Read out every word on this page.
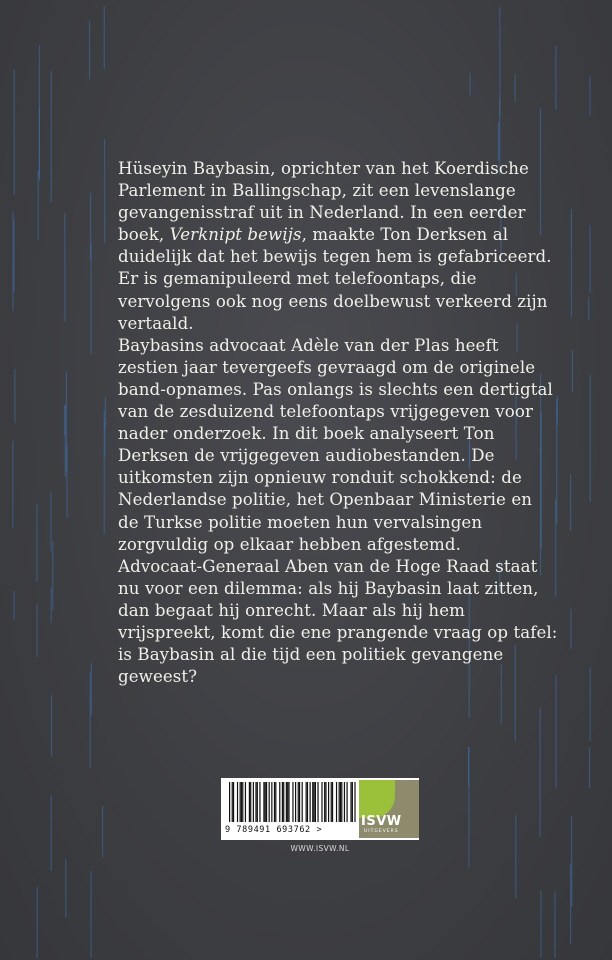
Hüseyin Baybasin, oprichter van het Koerdische Parlement in Ballingschap, zit een levenslange gevangenisstraf uit in Nederland. In een eerder boek, Verknipt bewijs, maakte Ton Derksen al duidelijk dat het bewijs tegen hem is gefabriceerd. Er is gemanipuleerd met telefoontaps, die vervolgens ook nog eens doelbewust verkeerd zijn vertaald.

Baybasins advocaat Adèle van der Plas heeft zestien jaar tevergeefs gevraagd om de originele band-opnames. Pas onlangs is slechts een dertigtal van de zesduizend telefoontaps vrijgegeven voor nader onderzoek. In dit boek analyseert Ton Derksen de vrijgegeven audiobestanden. De uitkomsten zijn opnieuw ronduit schokkend: de Nederlandse politie, het Openbaar Ministerie en de Turkse politie moeten hun vervalsingen zorgvuldig op elkaar hebben afgestemd.

Advocaat-Generaal Aben van de Hoge Raad staat nu voor een dilemma: als hij Baybasin laat zitten, dan begaat hij onrecht. Maar als hij hem vrijspreekt, komt die ene prangende vraag op tafel: is Baybasin al die tijd een politiek gevangene geweest?

9 789491 693762 >
ISVW
UITGEVERS
WWW.ISVW.NL
